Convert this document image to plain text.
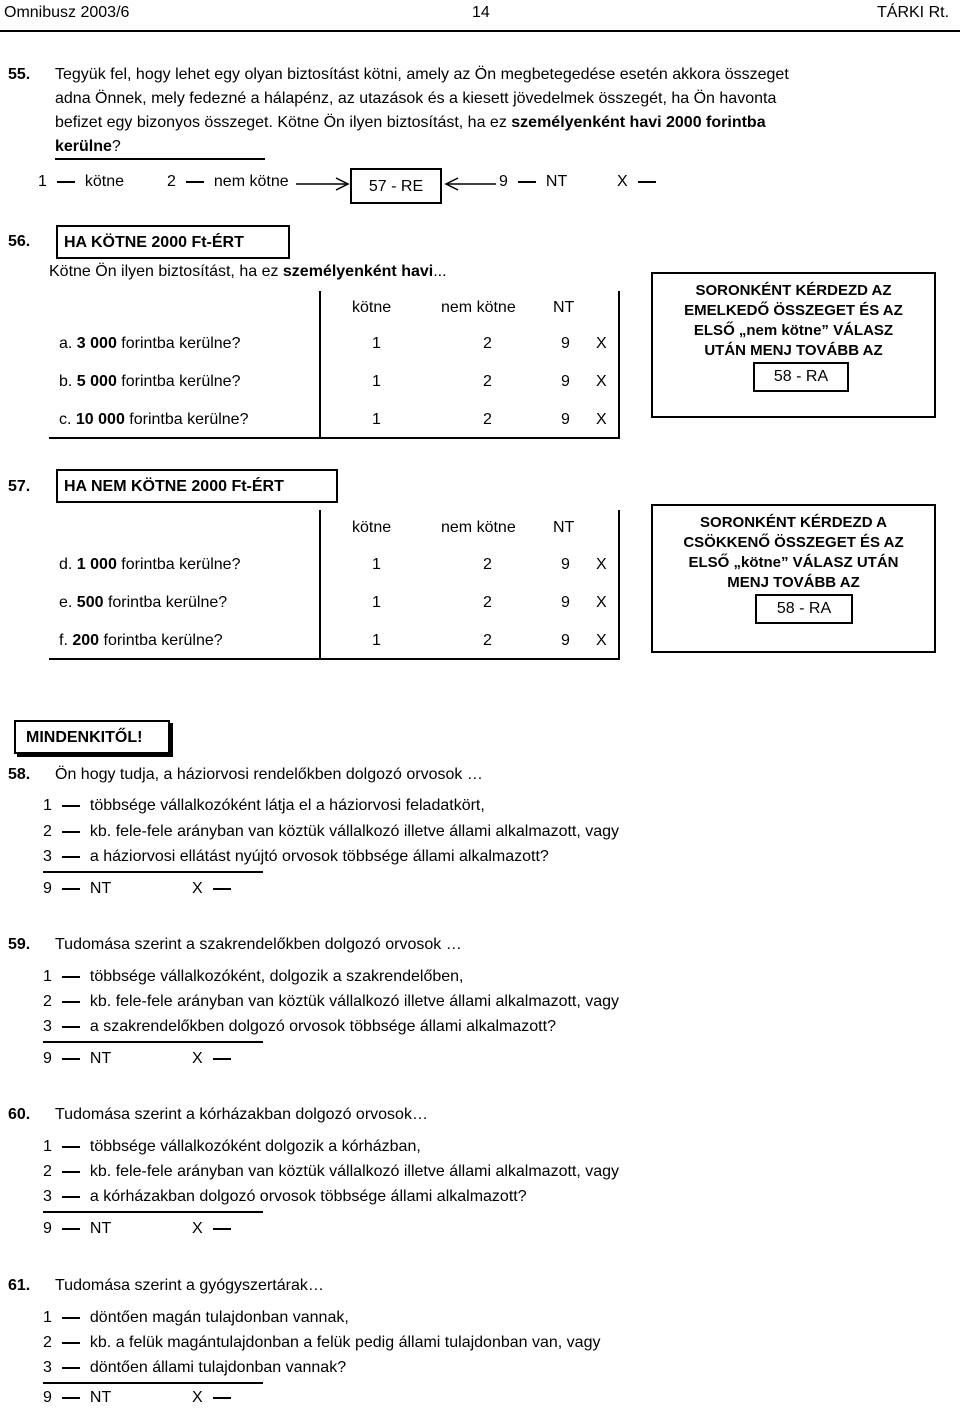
Omnibusz 2003/6	14	TÁRKI Rt.
55. Tegyük fel, hogy lehet egy olyan biztosítást kötni, amely az Ön megbetegedése esetén akkora összeget
adna Önnek, mely fedezné a hálapénz, az utazások és a kiesett jövedelmek összegét, ha Ön havonta
befizet egy bizonyos összeget. Kötne Ön ilyen biztosítást, ha ez személyenként havi 2000 forintba
kerülne?
1 kötne	2 nem kötne	57 - RE	9 NT	X
56. HA KÖTNE 2000 Ft-ÉRT
Kötne Ön ilyen biztosítást, ha ez személyenként havi...
kötne	nem kötne NT
a. 3 000 forintba kerülne?	1	2	9 X
b. 5 000 forintba kerülne?	1	2	9 X
c. 10 000 forintba kerülne?	1	2	9 X
SORONKÉNT KÉRDEZD AZ
EMELKEDŐ ÖSSZEGET ÉS AZ
ELSŐ „nem kötne” VÁLASZ
UTÁN MENJ TOVÁBB AZ
58 - RA
57. HA NEM KÖTNE 2000 Ft-ÉRT
kötne	nem kötne NT
d. 1 000 forintba kerülne?	1	2	9 X
e. 500 forintba kerülne?	1	2	9 X
f. 200 forintba kerülne?	1	2	9 X
SORONKÉNT KÉRDEZD A
CSÖKKENŐ ÖSSZEGET ÉS AZ
ELSŐ „kötne” VÁLASZ UTÁN
MENJ TOVÁBB AZ
58 - RA
MINDENKITŐL!
58. Ön hogy tudja, a háziorvosi rendelőkben dolgozó orvosok …
1 többsége vállalkozóként látja el a háziorvosi feladatkört,
2 kb. fele-fele arányban van köztük vállalkozó illetve állami alkalmazott, vagy
3 a háziorvosi ellátást nyújtó orvosok többsége állami alkalmazott?
9 NT	X
59. Tudomása szerint a szakrendelőkben dolgozó orvosok …
1 többsége vállalkozóként, dolgozik a szakrendelőben,
2 kb. fele-fele arányban van köztük vállalkozó illetve állami alkalmazott, vagy
3 a szakrendelőkben dolgozó orvosok többsége állami alkalmazott?
9 NT	X
60. Tudomása szerint a kórházakban dolgozó orvosok…
1 többsége vállalkozóként dolgozik a kórházban,
2 kb. fele-fele arányban van köztük vállalkozó illetve állami alkalmazott, vagy
3 a kórházakban dolgozó orvosok többsége állami alkalmazott?
9 NT	X
61. Tudomása szerint a gyógyszertárak…
1 döntően magán tulajdonban vannak,
2 kb. a felük magántulajdonban a felük pedig állami tulajdonban van, vagy
3 döntően állami tulajdonban vannak?
9 NT	X
